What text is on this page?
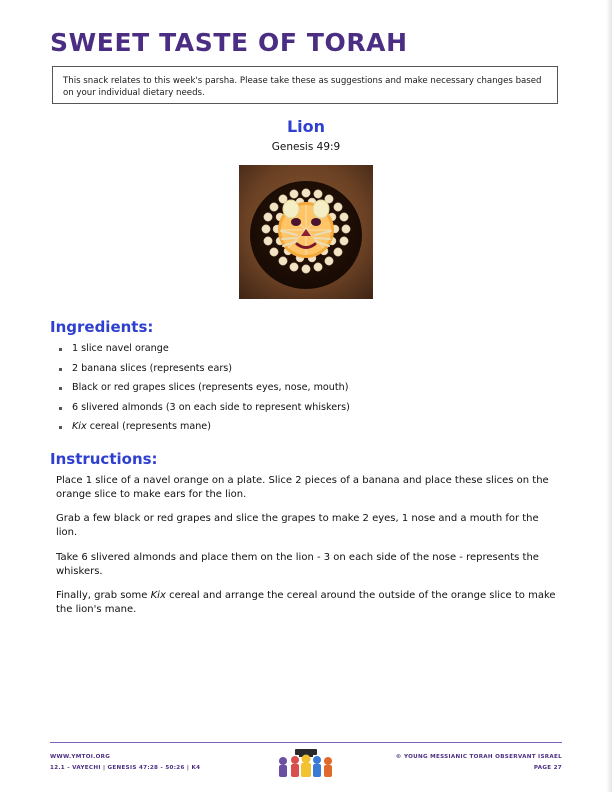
SWEET TASTE OF TORAH
This snack relates to this week's parsha. Please take these as suggestions and make necessary changes based on your individual dietary needs.
Lion
Genesis 49:9
Ingredients:
1 slice navel orange
2 banana slices (represents ears)
Black or red grapes slices (represents eyes, nose, mouth)
6 slivered almonds (3 on each side to represent whiskers)
Kix cereal (represents mane)
Instructions:
Place 1 slice of a navel orange on a plate. Slice 2 pieces of a banana and place these slices on the orange slice to make ears for the lion.
Grab a few black or red grapes and slice the grapes to make 2 eyes, 1 nose and a mouth for the lion.
Take 6 slivered almonds and place them on the lion - 3 on each side of the nose - represents the whiskers.
Finally, grab some Kix cereal and arrange the cereal around the outside of the orange slice to make the lion's mane.
WWW.YMTOI.ORG
12.1 - VAYECHI | GENESIS 47:28 - 50:26 | K4
© YOUNG MESSIANIC TORAH OBSERVANT ISRAEL
PAGE 27
